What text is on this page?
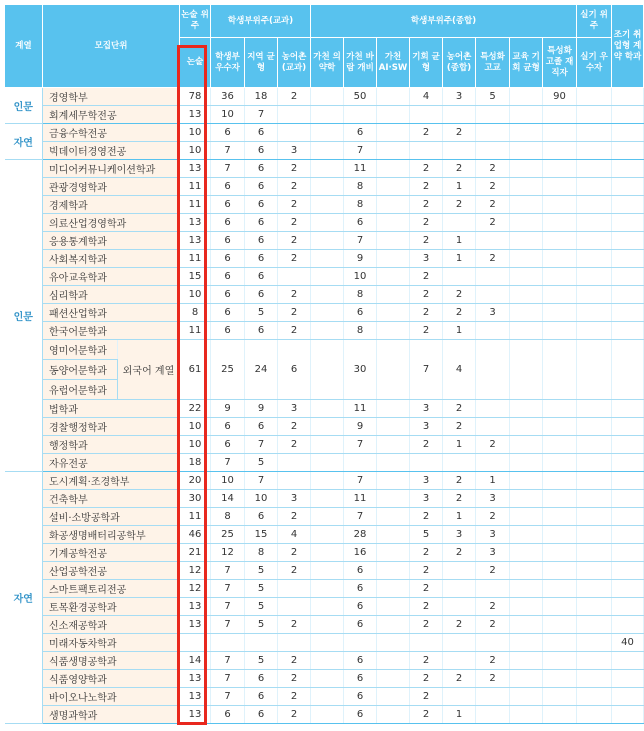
계열	모집단위		논술 위주	학생부위주(교과)			학생부위주(종합)								실기 위주	조기 취업형 계약 학과
			논술	학생부 우수자	지역 균형	농어촌 (교과)	가천 의약학	가천 바람 개비	가천 AI·SW	기회 균형	농어촌 (종합)	특성화 고교	교육 기회 균형	특성화 고졸 재직자	실기 우수자	
인문	경영학부		78	36	18	2		50		4	3	5		90		
	회계세무학전공		13	10	7											
자연	금융수학전공		10	6	6			6		2	2					
	빅데이터경영전공		10	7	6	3		7								
인문	미디어커뮤니케이션학과		13	7	6	2		11		2	2	2				
	관광경영학과		11	6	6	2		8		2	1	2				
	경제학과		11	6	6	2		8		2	2	2				
	의료산업경영학과		13	6	6	2		6		2		2				
	응용통계학과		13	6	6	2		7		2	1					
	사회복지학과		11	6	6	2		9		3	1	2				
	유아교육학과		15	6	6			10		2						
	심리학과		10	6	6	2		8		2	2					
	패션산업학과		8	6	5	2		6		2	2	3				
	한국어문학과		11	6	6	2		8		2	1					
	영미어문학과	외국어 계열	61	25	24	6		30		7	4					
	동양어문학과															
	유럽어문학과															
	법학과		22	9	9	3		11		3	2					
	경찰행정학과		10	6	6	2		9		3	2					
	행정학과		10	6	7	2		7		2	1	2				
	자유전공		18	7	5											
자연	도시계획·조경학부		20	10	7			7		3	2	1				
	건축학부		30	14	10	3		11		3	2	3				
	설비·소방공학과		11	8	6	2		7		2	1	2				
	화공생명배터리공학부		46	25	15	4		28		5	3	3				
	기계공학전공		21	12	8	2		16		2	2	3				
	산업공학전공		12	7	5	2		6		2		2				
	스마트팩토리전공		12	7	5			6		2						
	토목환경공학과		13	7	5			6		2		2				
	신소재공학과		13	7	5	2		6		2	2	2				
	미래자동차학과															40
	식품생명공학과		14	7	5	2		6		2		2				
	식품영양학과		13	7	6	2		6		2	2	2				
	바이오나노학과		13	7	6	2		6		2						
	생명과학과		13	6	6	2		6		2	1					
